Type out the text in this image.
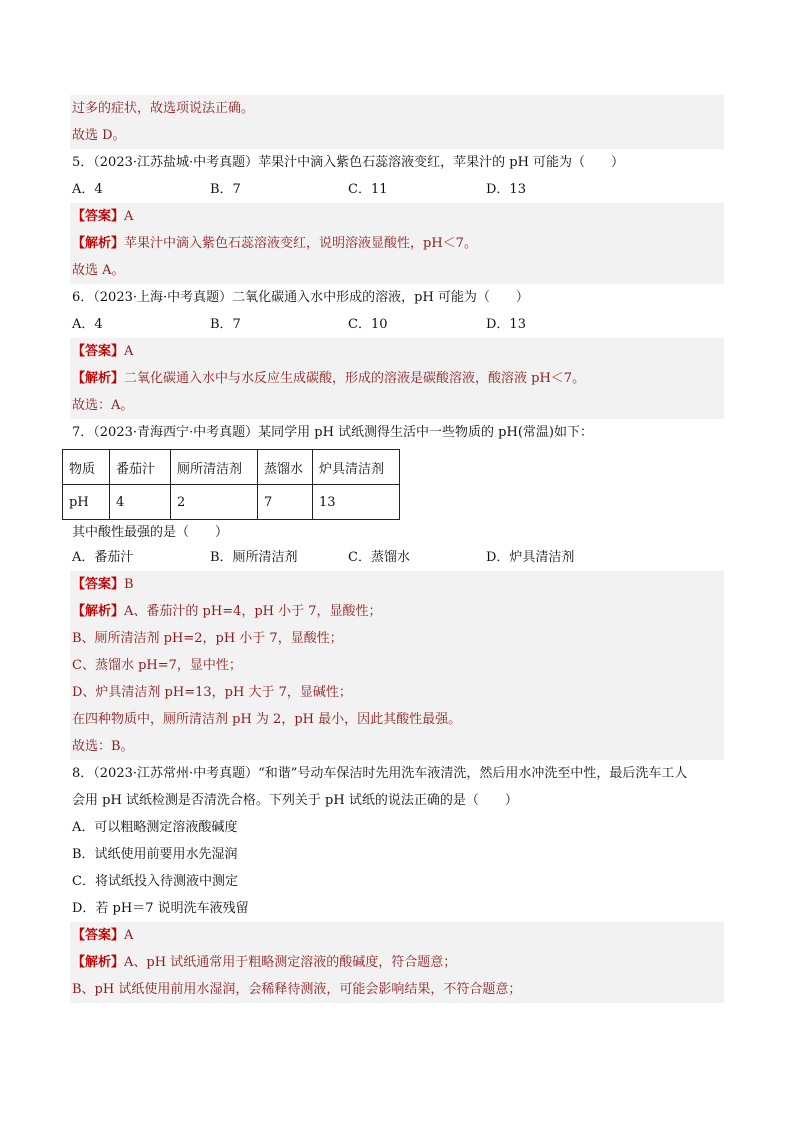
过多的症状，故选项说法正确。
故选 D。
5．（2023·江苏盐城·中考真题）苹果汁中滴入紫色石蕊溶液变红，苹果汁的 pH 可能为（　　）
A．4	B．7	C．11	D．13
【答案】A
【解析】苹果汁中滴入紫色石蕊溶液变红，说明溶液显酸性，pH＜7。
故选 A。
6．（2023·上海·中考真题）二氧化碳通入水中形成的溶液，pH 可能为（　　）
A．4	B．7	C．10	D．13
【答案】A
【解析】二氧化碳通入水中与水反应生成碳酸，形成的溶液是碳酸溶液，酸溶液 pH＜7。
故选：A。
7．（2023·青海西宁·中考真题）某同学用 pH 试纸测得生活中一些物质的 pH(常温)如下：
物质	番茄汁	厕所清洁剂	蒸馏水	炉具清洁剂
pH	4	2	7	13
其中酸性最强的是（　　）
A．番茄汁	B．厕所清洁剂	C．蒸馏水	D．炉具清洁剂
【答案】B
【解析】A、番茄汁的 pH=4，pH 小于 7，显酸性；
B、厕所清洁剂 pH=2，pH 小于 7，显酸性；
C、蒸馏水 pH=7，显中性；
D、炉具清洁剂 pH=13，pH 大于 7，显碱性；
在四种物质中，厕所清洁剂 pH 为 2，pH 最小，因此其酸性最强。
故选：B。
8．（2023·江苏常州·中考真题）“和谐”号动车保洁时先用洗车液清洗，然后用水冲洗至中性，最后洗车工人
会用 pH 试纸检测是否清洗合格。下列关于 pH 试纸的说法正确的是（　　）
A．可以粗略测定溶液酸碱度
B．试纸使用前要用水先湿润
C．将试纸投入待测液中测定
D．若 pH＝7 说明洗车液残留
【答案】A
【解析】A、pH 试纸通常用于粗略测定溶液的酸碱度，符合题意；
B、pH 试纸使用前用水湿润，会稀释待测液，可能会影响结果，不符合题意；
